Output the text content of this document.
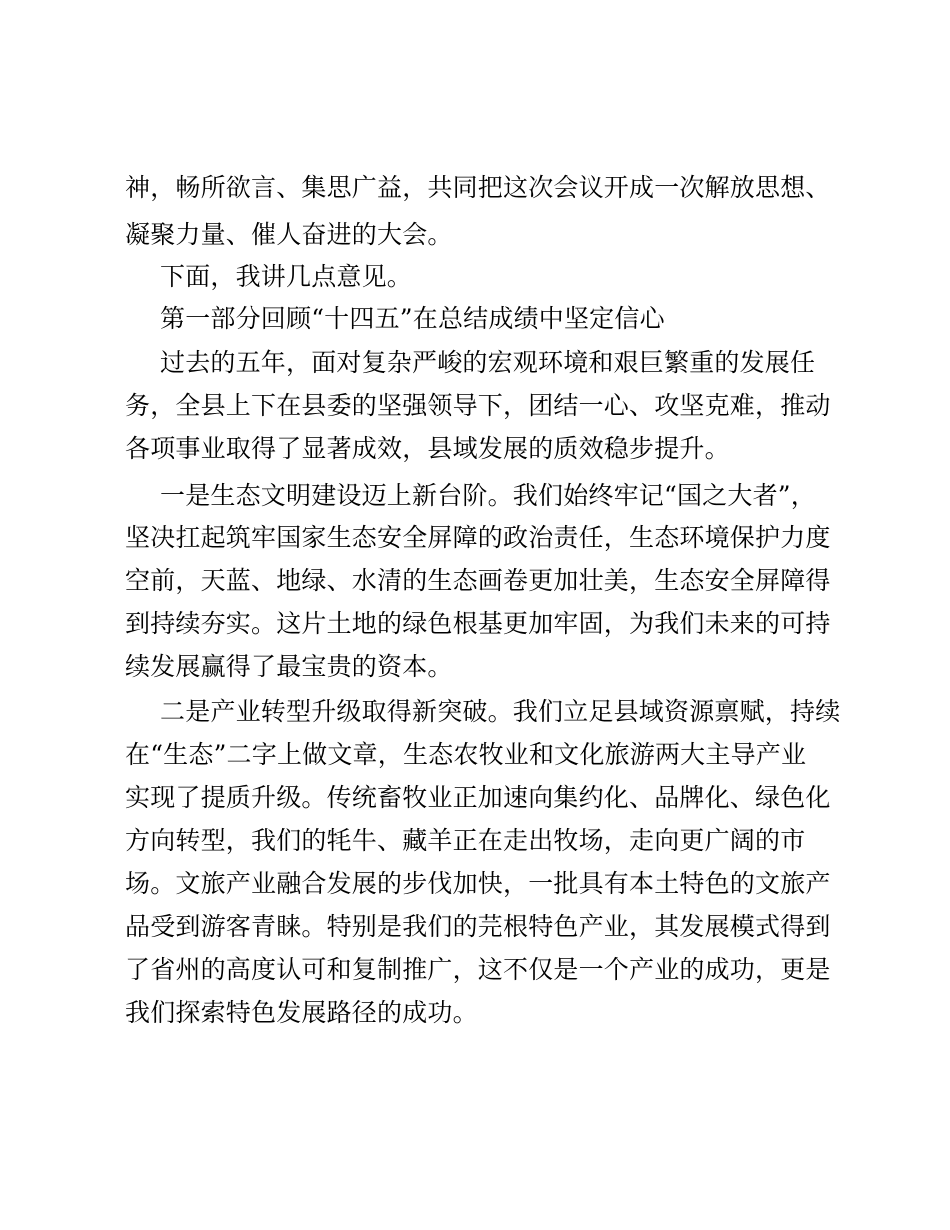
神，畅所欲言、集思广益，共同把这次会议开成一次解放思想、
凝聚力量、催人奋进的大会。
下面，我讲几点意见。
第一部分回顾“十四五”在总结成绩中坚定信心
过去的五年，面对复杂严峻的宏观环境和艰巨繁重的发展任
务，全县上下在县委的坚强领导下，团结一心、攻坚克难，推动
各项事业取得了显著成效，县域发展的质效稳步提升。
一是生态文明建设迈上新台阶。我们始终牢记“国之大者”，
坚决扛起筑牢国家生态安全屏障的政治责任，生态环境保护力度
空前，天蓝、地绿、水清的生态画卷更加壮美，生态安全屏障得
到持续夯实。这片土地的绿色根基更加牢固，为我们未来的可持
续发展赢得了最宝贵的资本。
二是产业转型升级取得新突破。我们立足县域资源禀赋，持续
在“生态”二字上做文章，生态农牧业和文化旅游两大主导产业
实现了提质升级。传统畜牧业正加速向集约化、品牌化、绿色化
方向转型，我们的牦牛、藏羊正在走出牧场，走向更广阔的市
场。文旅产业融合发展的步伐加快，一批具有本土特色的文旅产
品受到游客青睐。特别是我们的芫根特色产业，其发展模式得到
了省州的高度认可和复制推广，这不仅是一个产业的成功，更是
我们探索特色发展路径的成功。
